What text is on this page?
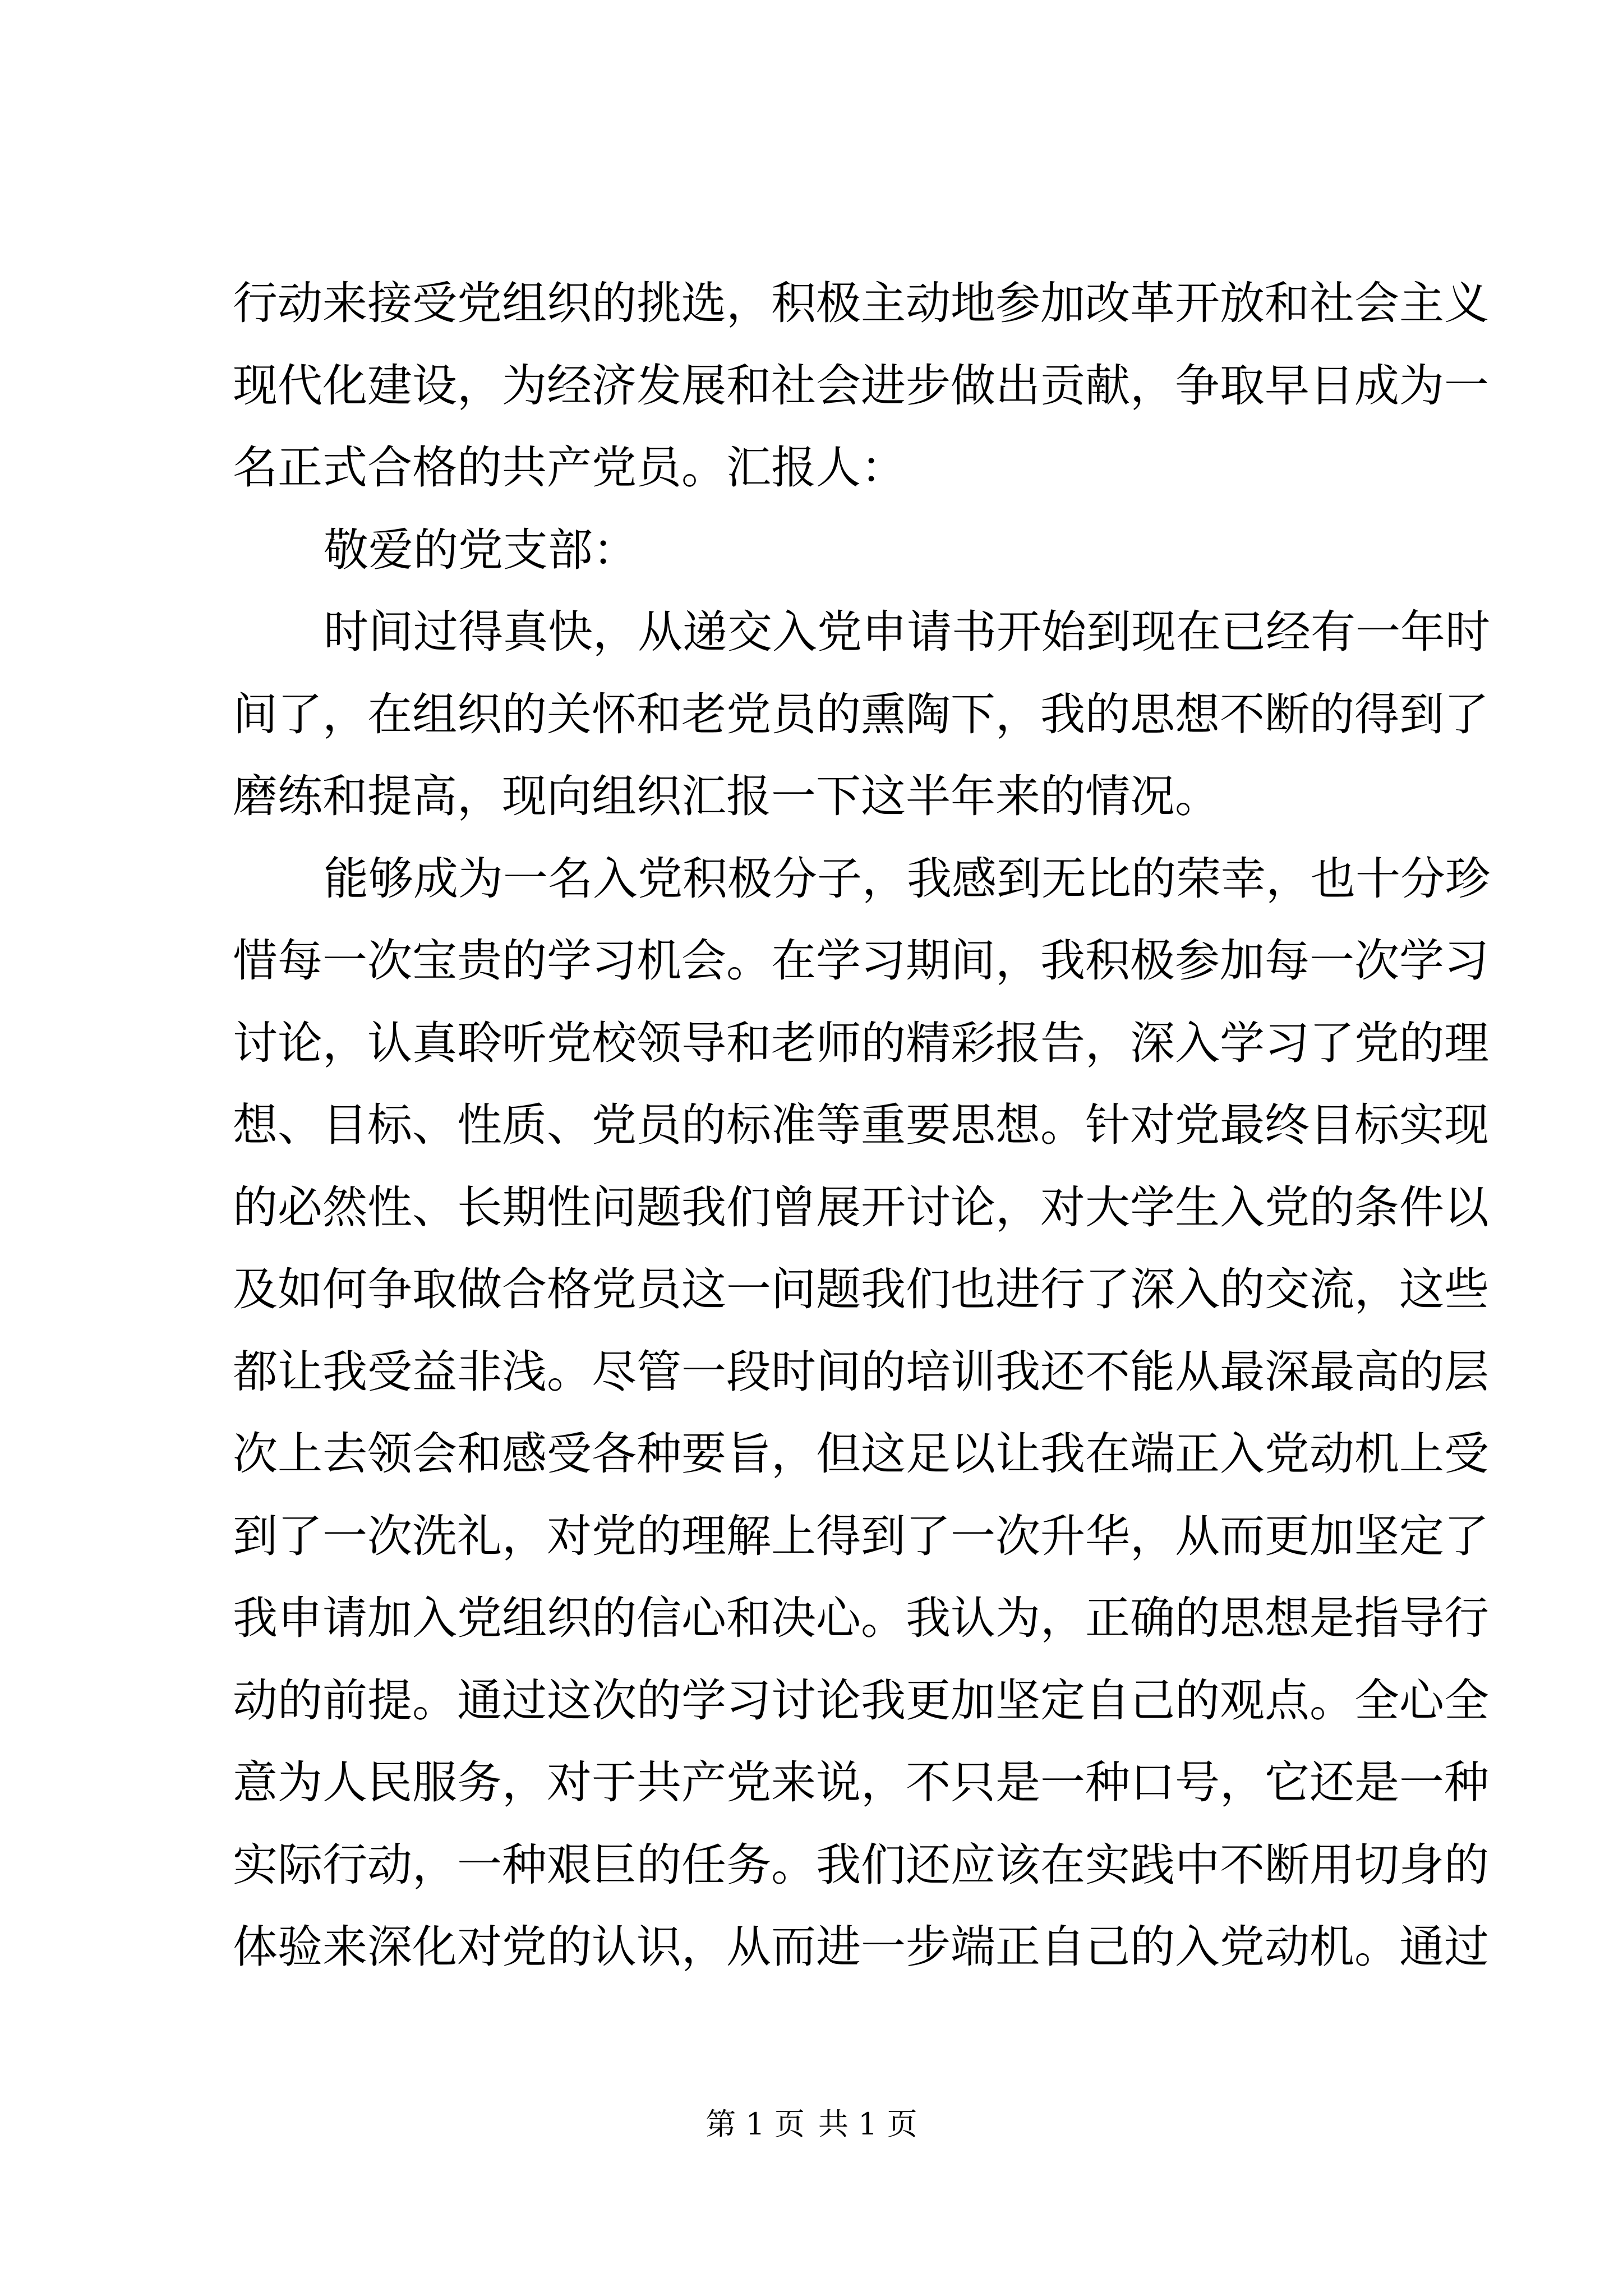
行动来接受党组织的挑选，积极主动地参加改革开放和社会主义
现代化建设，为经济发展和社会进步做出贡献，争取早日成为一
名正式合格的共产党员。汇报人：
敬爱的党支部：
时间过得真快，从递交入党申请书开始到现在已经有一年时
间了，在组织的关怀和老党员的熏陶下，我的思想不断的得到了
磨练和提高，现向组织汇报一下这半年来的情况。
能够成为一名入党积极分子，我感到无比的荣幸，也十分珍
惜每一次宝贵的学习机会。在学习期间，我积极参加每一次学习
讨论，认真聆听党校领导和老师的精彩报告，深入学习了党的理
想、目标、性质、党员的标准等重要思想。针对党最终目标实现
的必然性、长期性问题我们曾展开讨论，对大学生入党的条件以
及如何争取做合格党员这一问题我们也进行了深入的交流，这些
都让我受益非浅。尽管一段时间的培训我还不能从最深最高的层
次上去领会和感受各种要旨，但这足以让我在端正入党动机上受
到了一次洗礼，对党的理解上得到了一次升华，从而更加坚定了
我申请加入党组织的信心和决心。我认为，正确的思想是指导行
动的前提。通过这次的学习讨论我更加坚定自己的观点。全心全
意为人民服务，对于共产党来说，不只是一种口号，它还是一种
实际行动，一种艰巨的任务。我们还应该在实践中不断用切身的
体验来深化对党的认识，从而进一步端正自己的入党动机。通过
第 1 页 共 1 页
